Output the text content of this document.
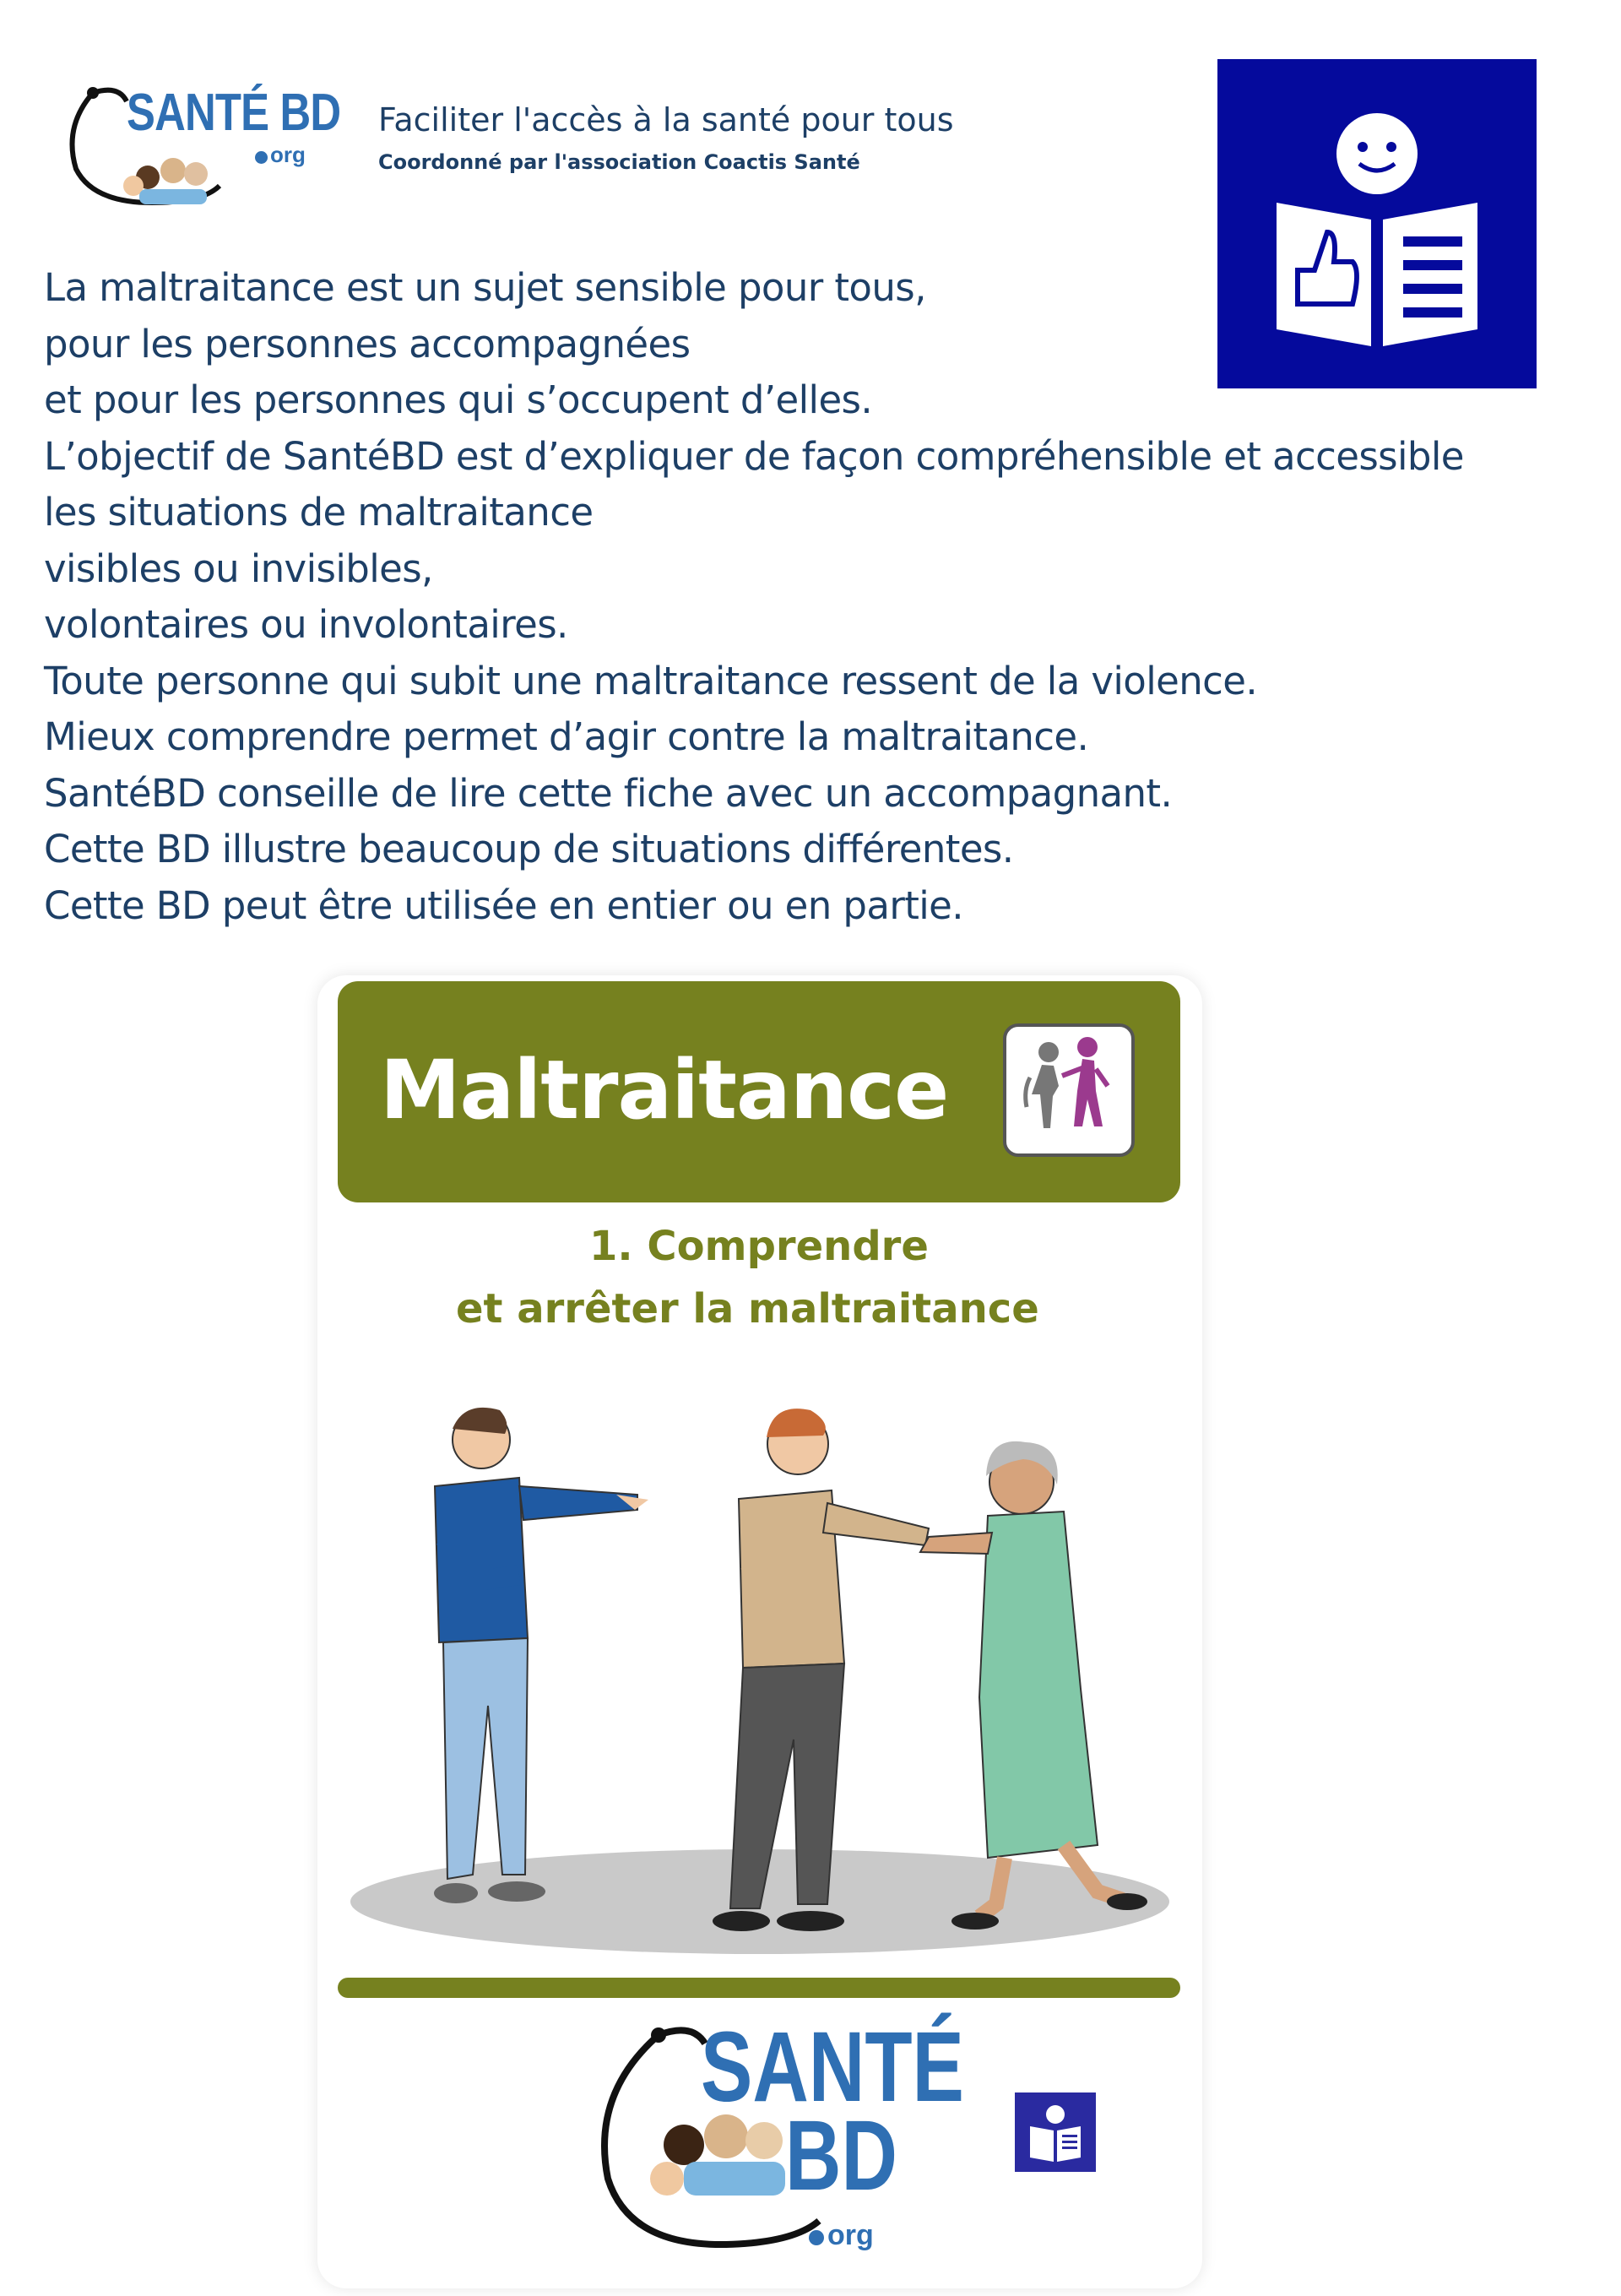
SANTÉ BD
org
Faciliter l'accès à la santé pour tous
Coordonné par l'association Coactis Santé

La maltraitance est un sujet sensible pour tous,

pour les personnes accompagnées

et pour les personnes qui s’occupent d’elles.

L’objectif de SantéBD est d’expliquer de façon compréhensible et accessible

les situations de maltraitance

visibles ou invisibles,

volontaires ou involontaires.

Toute personne qui subit une maltraitance ressent de la violence.

Mieux comprendre permet d’agir contre la maltraitance.

SantéBD conseille de lire cette fiche avec un accompagnant.

Cette BD illustre beaucoup de situations différentes.

Cette BD peut être utilisée en entier ou en partie.

Maltraitance
1. Comprendre
et arrêter la maltraitance
SANTÉ
BD
org
